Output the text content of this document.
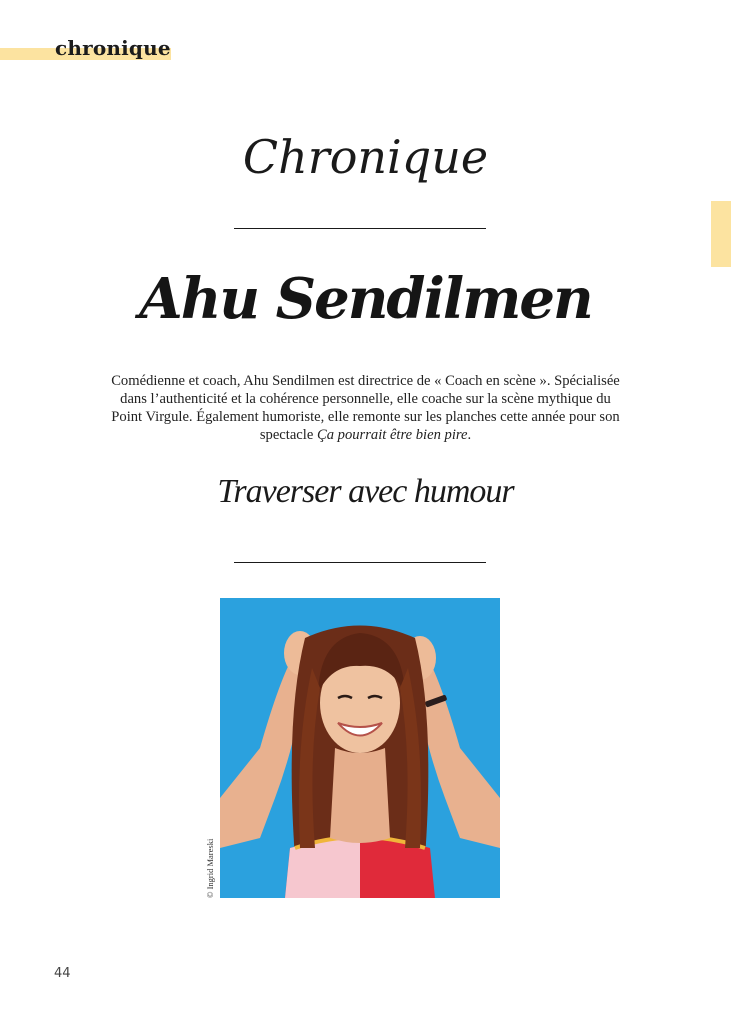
chronique
Chronique
Ahu Sendilmen
Comédienne et coach, Ahu Sendilmen est directrice de « Coach en scène ». Spécialisée
dans l’authenticité et la cohérence personnelle, elle coache sur la scène mythique du
Point Virgule. Également humoriste, elle remonte sur les planches cette année pour son
spectacle Ça pourrait être bien pire.
Traverser avec humour
© Ingrid Mareski
44
